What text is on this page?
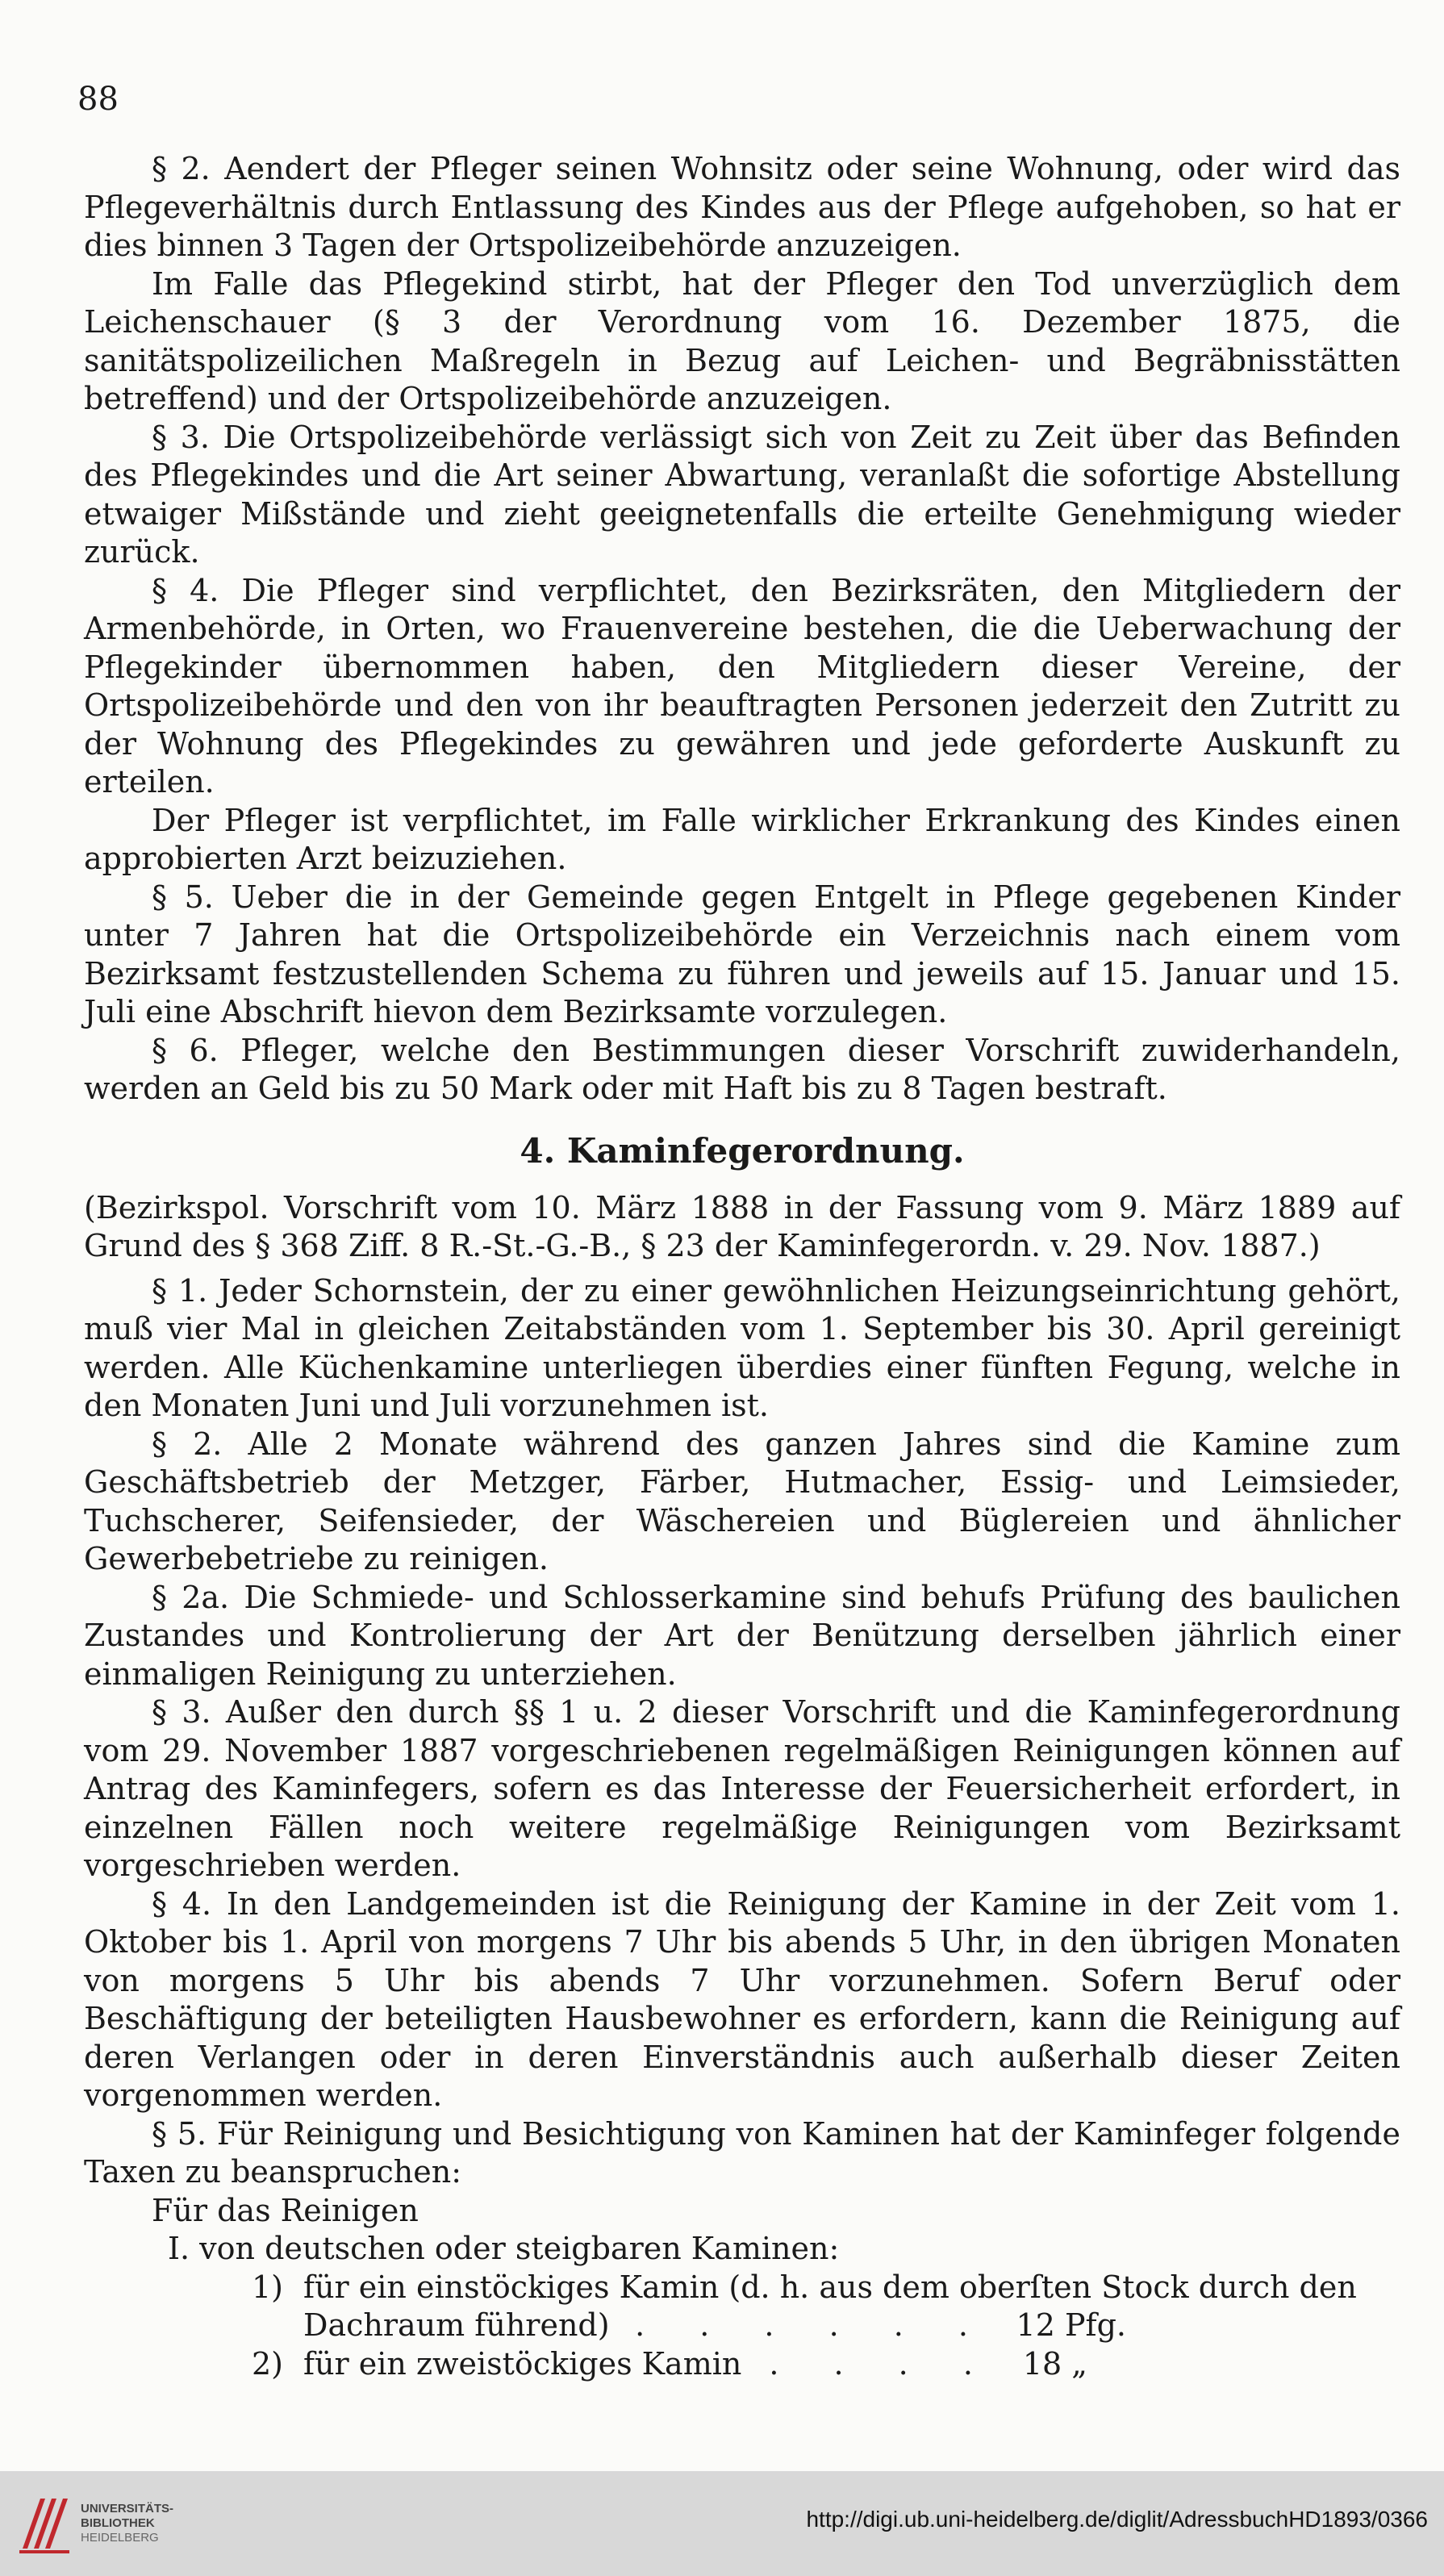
88

§ 2. Aendert der Pfleger seinen Wohnsitz oder seine Wohnung, oder wird das Pflegeverhältnis durch Entlassung des Kindes aus der Pflege aufgehoben, so hat er dies binnen 3 Tagen der Ortspolizeibehörde anzuzeigen.

Im Falle das Pflegekind stirbt, hat der Pfleger den Tod unverzüglich dem Leichenschauer (§ 3 der Verordnung vom 16. Dezember 1875, die sanitätspolizeilichen Maßregeln in Bezug auf Leichen- und Begräbnisstätten betreffend) und der Ortspolizeibehörde anzuzeigen.

§ 3. Die Ortspolizeibehörde verlässigt sich von Zeit zu Zeit über das Befinden des Pflegekindes und die Art seiner Abwartung, veranlaßt die sofortige Abstellung etwaiger Mißstände und zieht geeignetenfalls die erteilte Genehmigung wieder zurück.

§ 4. Die Pfleger sind verpflichtet, den Bezirksräten, den Mitgliedern der Armenbehörde, in Orten, wo Frauenvereine bestehen, die die Ueberwachung der Pflegekinder übernommen haben, den Mitgliedern dieser Vereine, der Ortspolizeibehörde und den von ihr beauftragten Personen jederzeit den Zutritt zu der Wohnung des Pflegekindes zu gewähren und jede geforderte Auskunft zu erteilen.

Der Pfleger ist verpflichtet, im Falle wirklicher Erkrankung des Kindes einen approbierten Arzt beizuziehen.

§ 5. Ueber die in der Gemeinde gegen Entgelt in Pflege gegebenen Kinder unter 7 Jahren hat die Ortspolizeibehörde ein Verzeichnis nach einem vom Bezirksamt festzustellenden Schema zu führen und jeweils auf 15. Januar und 15. Juli eine Abschrift hievon dem Bezirksamte vorzulegen.

§ 6. Pfleger, welche den Bestimmungen dieser Vorschrift zuwiderhandeln, werden an Geld bis zu 50 Mark oder mit Haft bis zu 8 Tagen bestraft.

4. Kaminfegerordnung.

(Bezirkspol. Vorschrift vom 10. März 1888 in der Fassung vom 9. März 1889 auf Grund des § 368 Ziff. 8 R.-St.-G.-B., § 23 der Kaminfegerordn. v. 29. Nov. 1887.)

§ 1. Jeder Schornstein, der zu einer gewöhnlichen Heizungseinrichtung gehört, muß vier Mal in gleichen Zeitabständen vom 1. September bis 30. April gereinigt werden. Alle Küchenkamine unterliegen überdies einer fünften Fegung, welche in den Monaten Juni und Juli vorzunehmen ist.

§ 2. Alle 2 Monate während des ganzen Jahres sind die Kamine zum Geschäftsbetrieb der Metzger, Färber, Hutmacher, Essig- und Leimsieder, Tuchscherer, Seifensieder, der Wäschereien und Büglereien und ähnlicher Gewerbebetriebe zu reinigen.

§ 2a. Die Schmiede- und Schlosserkamine sind behufs Prüfung des baulichen Zustandes und Kontrolierung der Art der Benützung derselben jährlich einer einmaligen Reinigung zu unterziehen.

§ 3. Außer den durch §§ 1 u. 2 dieser Vorschrift und die Kaminfegerordnung vom 29. November 1887 vorgeschriebenen regelmäßigen Reinigungen können auf Antrag des Kaminfegers, sofern es das Interesse der Feuersicherheit erfordert, in einzelnen Fällen noch weitere regelmäßige Reinigungen vom Bezirksamt vorgeschrieben werden.

§ 4. In den Landgemeinden ist die Reinigung der Kamine in der Zeit vom 1. Oktober bis 1. April von morgens 7 Uhr bis abends 5 Uhr, in den übrigen Monaten von morgens 5 Uhr bis abends 7 Uhr vorzunehmen. Sofern Beruf oder Beschäftigung der beteiligten Hausbewohner es erfordern, kann die Reinigung auf deren Verlangen oder in deren Einverständnis auch außerhalb dieser Zeiten vorgenommen werden.

§ 5. Für Reinigung und Besichtigung von Kaminen hat der Kaminfeger folgende Taxen zu beanspruchen:

Für das Reinigen
I. von deutschen oder steigbaren Kaminen:
1) für ein einstöckiges Kamin (d. h. aus dem oberſten Stock durch den
Dachraum führend) . . . . . . 12 Pfg.
2) für ein zweistöckiges Kamin . . . . 18 „
UNIVERSITÄTS-
BIBLIOTHEK
HEIDELBERG
http://digi.ub.uni-heidelberg.de/diglit/AdressbuchHD1893/0366
